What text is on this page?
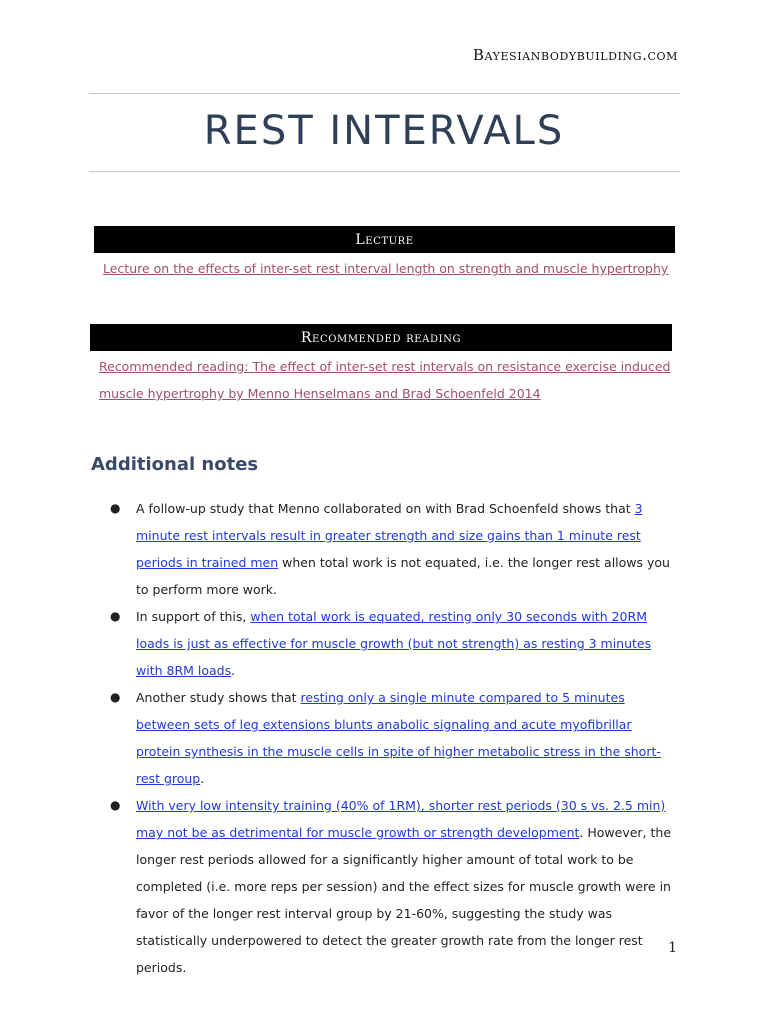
Bayesianbodybuilding.com
REST INTERVALS
Lecture
Lecture on the effects of inter-set rest interval length on strength and muscle hypertrophy
Recommended reading
Recommended reading: The effect of inter-set rest intervals on resistance exercise induced
muscle hypertrophy by Menno Henselmans and Brad Schoenfeld 2014
Additional notes
● A follow-up study that Menno collaborated on with Brad Schoenfeld shows that 3 minute rest intervals result in greater strength and size gains than 1 minute rest periods in trained men when total work is not equated, i.e. the longer rest allows you to perform more work.
● In support of this, when total work is equated, resting only 30 seconds with 20RM loads is just as effective for muscle growth (but not strength) as resting 3 minutes with 8RM loads.
● Another study shows that resting only a single minute compared to 5 minutes between sets of leg extensions blunts anabolic signaling and acute myofibrillar protein synthesis in the muscle cells in spite of higher metabolic stress in the short-rest group.
● With very low intensity training (40% of 1RM), shorter rest periods (30 s vs. 2.5 min) may not be as detrimental for muscle growth or strength development. However, the longer rest periods allowed for a significantly higher amount of total work to be completed (i.e. more reps per session) and the effect sizes for muscle growth were in favor of the longer rest interval group by 21-60%, suggesting the study was statistically underpowered to detect the greater growth rate from the longer rest periods.
1
